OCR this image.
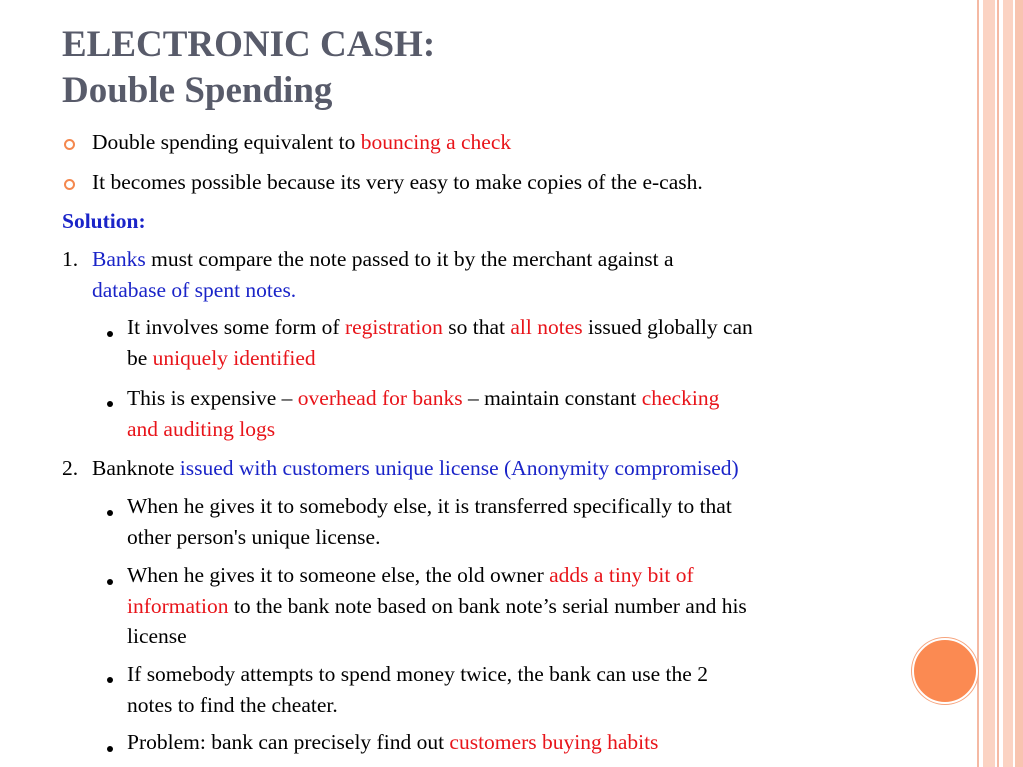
ELECTRONIC CASH:
Double Spending
Double spending equivalent to bouncing a check
It becomes possible because its very easy to make copies of the e-cash.
Solution:
1. Banks must compare the note passed to it by the merchant against a
database of spent notes.
It involves some form of registration so that all notes issued globally can
be uniquely identified
This is expensive – overhead for banks – maintain constant checking
and auditing logs
2. Banknote issued with customers unique license (Anonymity compromised)
When he gives it to somebody else, it is transferred specifically to that
other person's unique license.
When he gives it to someone else, the old owner adds a tiny bit of
information to the bank note based on bank note’s serial number and his
license
If somebody attempts to spend money twice, the bank can use the 2
notes to find the cheater.
Problem: bank can precisely find out customers buying habits
